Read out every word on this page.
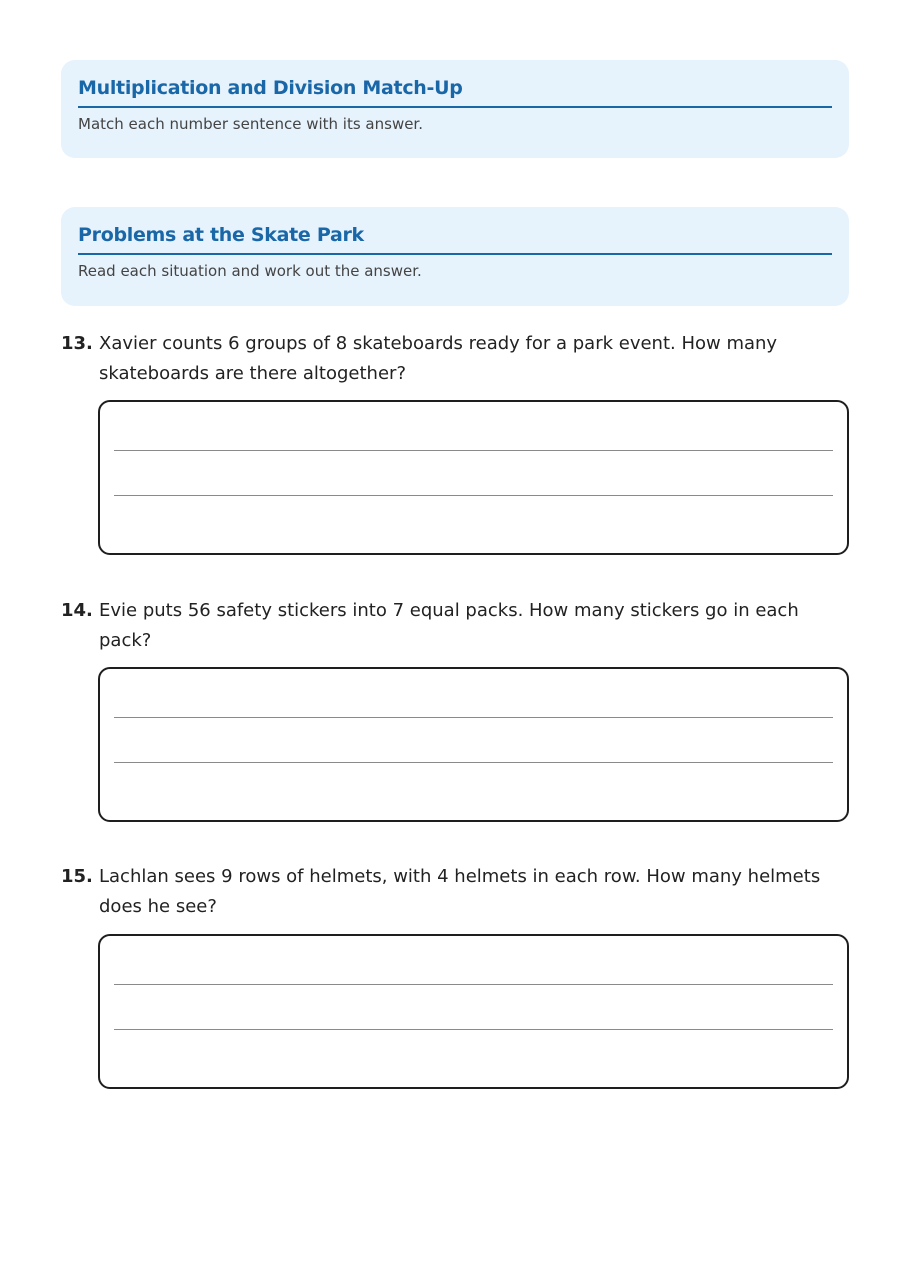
Multiplication and Division Match-Up
Match each number sentence with its answer.
Problems at the Skate Park
Read each situation and work out the answer.
13. Xavier counts 6 groups of 8 skateboards ready for a park event. How many skateboards are there altogether?
14. Evie puts 56 safety stickers into 7 equal packs. How many stickers go in each pack?
15. Lachlan sees 9 rows of helmets, with 4 helmets in each row. How many helmets does he see?
